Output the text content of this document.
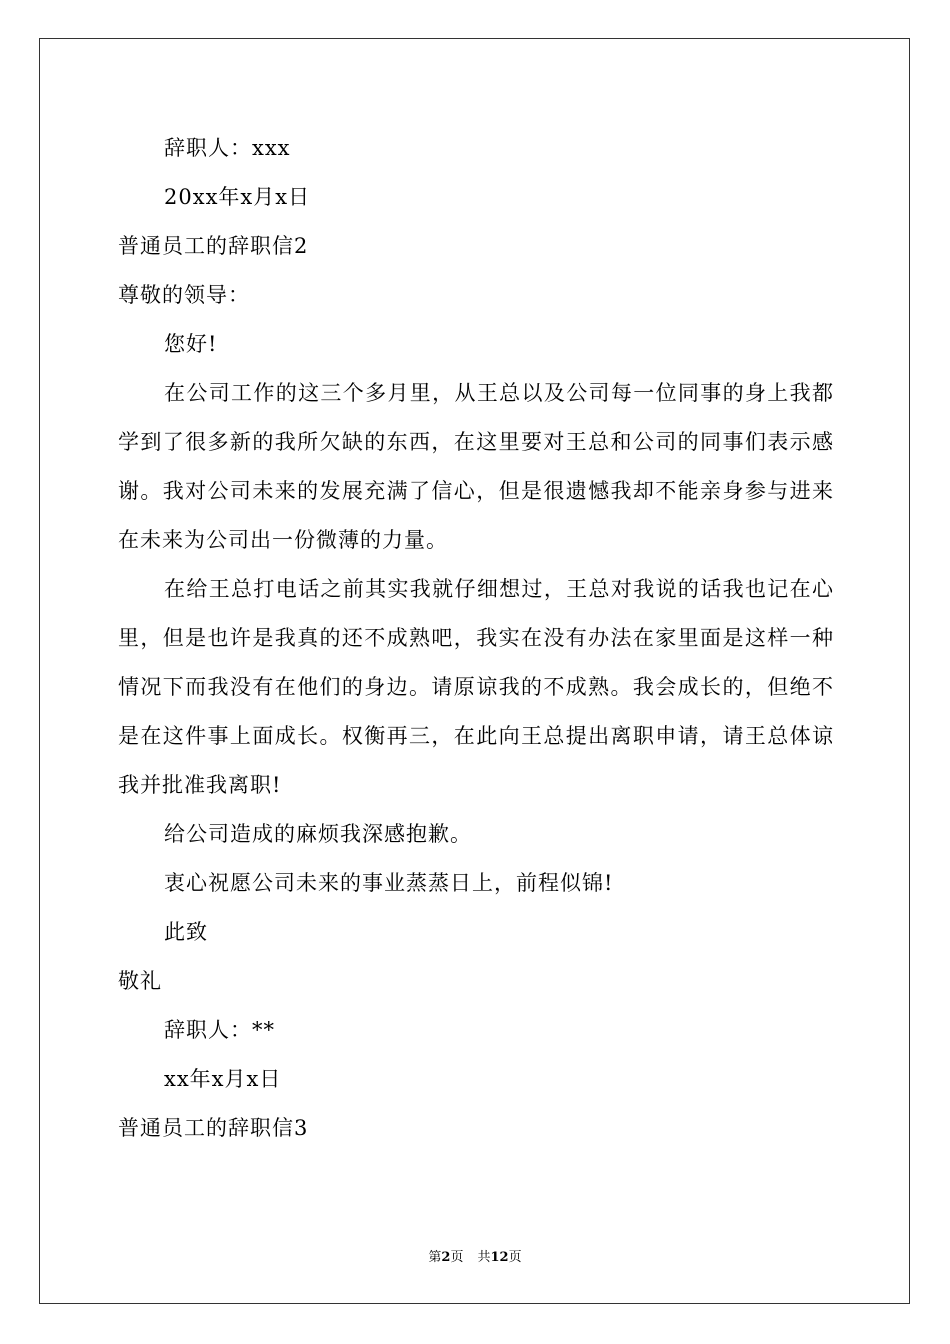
辞职人：xxx
20xx年x月x日
普通员工的辞职信2
尊敬的领导：
您好!

在公司工作的这三个多月里，从王总以及公司每一位同事的身上我都学到了很多新的我所欠缺的东西，在这里要对王总和公司的同事们表示感谢。我对公司未来的发展充满了信心，但是很遗憾我却不能亲身参与进来在未来为公司出一份微薄的力量。

在给王总打电话之前其实我就仔细想过，王总对我说的话我也记在心里，但是也许是我真的还不成熟吧，我实在没有办法在家里面是这样一种情况下而我没有在他们的身边。请原谅我的不成熟。我会成长的，但绝不是在这件事上面成长。权衡再三，在此向王总提出离职申请，请王总体谅我并批准我离职!

给公司造成的麻烦我深感抱歉。
衷心祝愿公司未来的事业蒸蒸日上，前程似锦!
此致
敬礼
辞职人：**
xx年x月x日
普通员工的辞职信3
第2页 共12页
